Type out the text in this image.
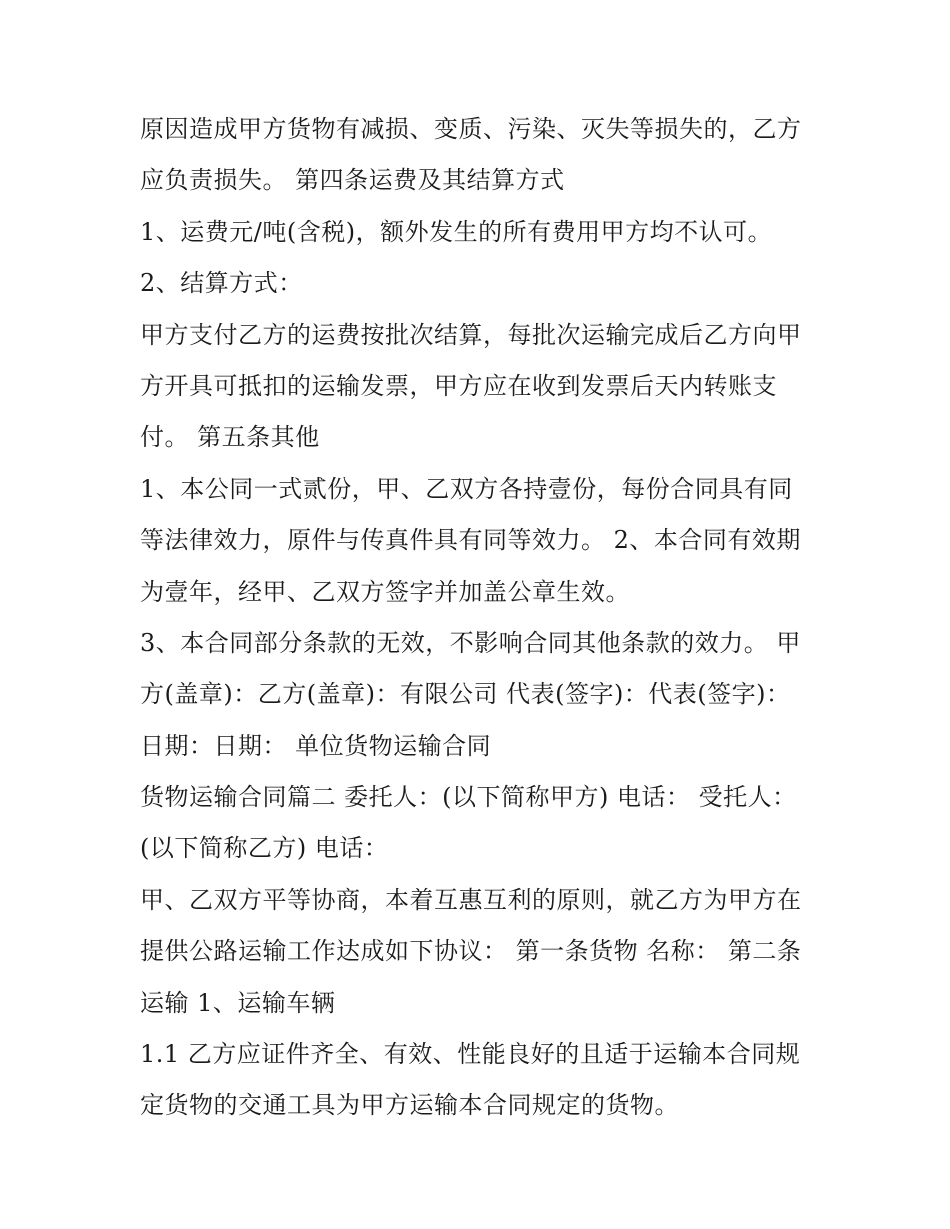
原因造成甲方货物有减损、变质、污染、灭失等损失的，乙方
应负责损失。 第四条运费及其结算方式
1、运费元/吨(含税)，额外发生的所有费用甲方均不认可。
2、结算方式：
甲方支付乙方的运费按批次结算，每批次运输完成后乙方向甲
方开具可抵扣的运输发票，甲方应在收到发票后天内转账支
付。 第五条其他
1、本公同一式贰份，甲、乙双方各持壹份，每份合同具有同
等法律效力，原件与传真件具有同等效力。 2、本合同有效期
为壹年，经甲、乙双方签字并加盖公章生效。
3、本合同部分条款的无效，不影响合同其他条款的效力。 甲
方(盖章)：乙方(盖章)：有限公司 代表(签字)：代表(签字)：
日期：日期： 单位货物运输合同
货物运输合同篇二 委托人：(以下简称甲方) 电话： 受托人：
(以下简称乙方) 电话：
甲、乙双方平等协商，本着互惠互利的原则，就乙方为甲方在
提供公路运输工作达成如下协议： 第一条货物 名称： 第二条
运输 1、运输车辆
1.1 乙方应证件齐全、有效、性能良好的且适于运输本合同规
定货物的交通工具为甲方运输本合同规定的货物。
